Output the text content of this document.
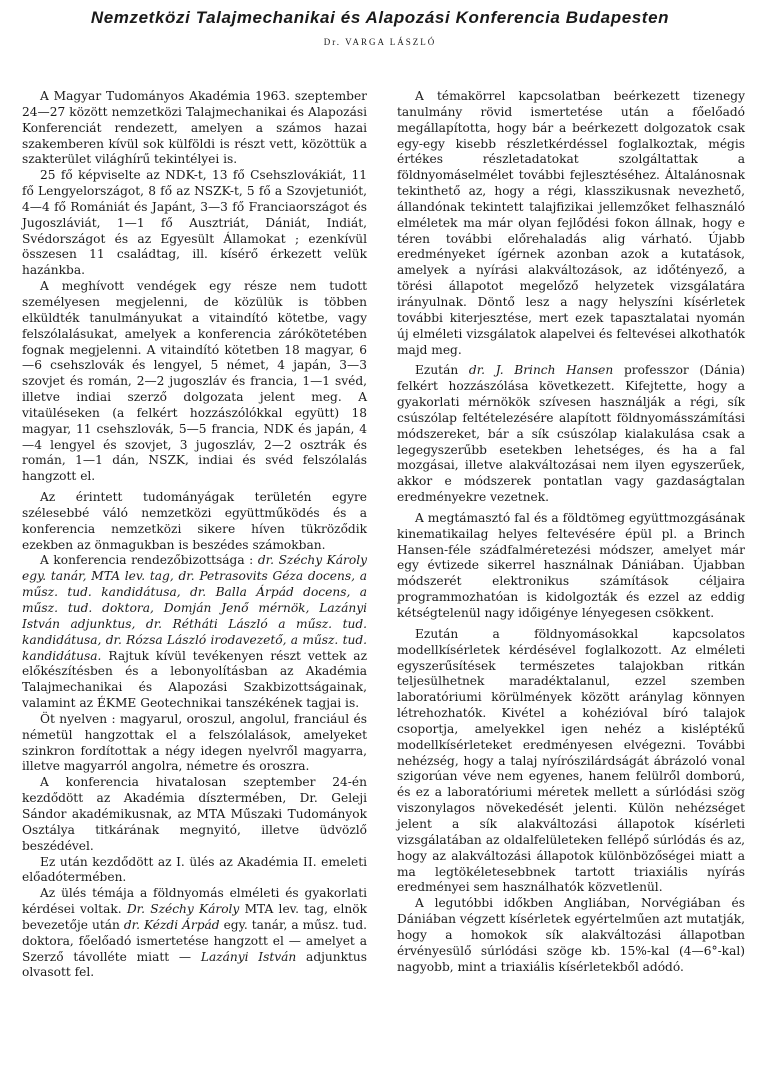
Nemzetközi Talajmechanikai és Alapozási Konferencia Budapesten
Dr. VARGA LÁSZLÓ

A Magyar Tudományos Akadémia 1963. szeptember 24—27 között nemzetközi Talajmechanikai és Alapozási Konferenciát rendezett, amelyen a számos hazai szakemberen kívül sok külföldi is részt vett, közöttük a szakterület világhírű tekintélyei is.

25 fő képviselte az NDK-t, 13 fő Csehszlovákiát, 11 fő Lengyelországot, 8 fő az NSZK-t, 5 fő a Szovjetuniót, 4—4 fő Romániát és Japánt, 3—3 fő Franciaországot és Jugoszláviát, 1—1 fő Ausztriát, Dániát, Indiát, Svédországot és az Egyesült Államokat ; ezenkívül összesen 11 családtag, ill. kísérő érkezett velük hazánkba.

A meghívott vendégek egy része nem tudott személyesen megjelenni, de közülük is többen elküldték tanulmányukat a vitaindító kötetbe, vagy felszólalásukat, amelyek a konferencia zárókötetében fognak megjelenni. A vitaindító kötetben 18 magyar, 6—6 csehszlovák és lengyel, 5 német, 4 japán, 3—3 szovjet és román, 2—2 jugoszláv és francia, 1—1 svéd, illetve indiai szerző dolgozata jelent meg. A vitaüléseken (a felkért hozzászólókkal együtt) 18 magyar, 11 csehszlovák, 5—5 francia, NDK és japán, 4—4 lengyel és szovjet, 3 jugoszláv, 2—2 osztrák és román, 1—1 dán, NSZK, indiai és svéd felszólalás hangzott el.

Az érintett tudományágak területén egyre szélesebbé váló nemzetközi együttműködés és a konferencia nemzetközi sikere híven tükröződik ezekben az önmagukban is beszédes számokban.

A konferencia rendezőbizottsága : dr. Széchy Károly egy. tanár, MTA lev. tag, dr. Petrasovits Géza docens, a műsz. tud. kandidátusa, dr. Balla Árpád docens, a műsz. tud. doktora, Domján Jenő mérnök, Lazányi István adjunktus, dr. Rétháti László a műsz. tud. kandidátusa, dr. Rózsa László irodavezető, a műsz. tud. kandidátusa. Rajtuk kívül tevékenyen részt vettek az előkészítésben és a lebonyolításban az Akadémia Talajmechanikai és Alapozási Szakbizottságainak, valamint az ÉKME Geotechnikai tanszékének tagjai is.

Öt nyelven : magyarul, oroszul, angolul, franciául és németül hangzottak el a felszólalások, amelyeket szinkron fordítottak a négy idegen nyelvről magyarra, illetve magyarról angolra, németre és oroszra.

A konferencia hivatalosan szeptember 24-én kezdődött az Akadémia dísztermében, Dr. Geleji Sándor akadémikusnak, az MTA Műszaki Tudományok Osztálya titkárának megnyitó, illetve üdvözlő beszédével.

Ez után kezdődött az I. ülés az Akadémia II. emeleti előadótermében.

Az ülés témája a földnyomás elméleti és gyakorlati kérdései voltak. Dr. Széchy Károly MTA lev. tag, elnök bevezetője után dr. Kézdi Árpád egy. tanár, a műsz. tud. doktora, főelőadó ismertetése hangzott el — amelyet a Szerző távolléte miatt — Lazányi István adjunktus olvasott fel.

A témakörrel kapcsolatban beérkezett tizenegy tanulmány rövid ismertetése után a főelőadó megállapította, hogy bár a beérkezett dolgozatok csak egy-egy kisebb részletkérdéssel foglalkoztak, mégis értékes részletadatokat szolgáltattak a földnyomáselmélet további fejlesztéséhez. Általánosnak tekinthető az, hogy a régi, klasszikusnak nevezhető, állandónak tekintett talajfizikai jellemzőket felhasználó elméletek ma már olyan fejlődési fokon állnak, hogy e téren további előrehaladás alig várható. Újabb eredményeket ígérnek azonban azok a kutatások, amelyek a nyírási alakváltozások, az időtényező, a törési állapotot megelőző helyzetek vizsgálatára irányulnak. Döntő lesz a nagy helyszíni kísérletek további kiterjesztése, mert ezek tapasztalatai nyomán új elméleti vizsgálatok alapelvei és feltevései alkothatók majd meg.

Ezután dr. J. Brinch Hansen professzor (Dánia) felkért hozzászólása következett. Kifejtette, hogy a gyakorlati mérnökök szívesen használják a régi, sík csúszólap feltételezésére alapított földnyomásszámítási módszereket, bár a sík csúszólap kialakulása csak a legegyszerűbb esetekben lehetséges, és ha a fal mozgásai, illetve alakváltozásai nem ilyen egyszerűek, akkor e módszerek pontatlan vagy gazdaságtalan eredményekre vezetnek.

A megtámasztó fal és a földtömeg együttmozgásának kinematikailag helyes feltevésére épül pl. a Brinch Hansen-féle szádfalméretezési módszer, amelyet már egy évtizede sikerrel használnak Dániában. Újabban módszerét elektronikus számítások céljaira programmozhatóan is kidolgozták és ezzel az eddig kétségtelenül nagy időigénye lényegesen csökkent.

Ezután a földnyomásokkal kapcsolatos modellkísérletek kérdésével foglalkozott. Az elméleti egyszerűsítések természetes talajokban ritkán teljesülhetnek maradéktalanul, ezzel szemben laboratóriumi körülmények között aránylag könnyen létrehozhatók. Kivétel a kohézióval bíró talajok csoportja, amelyekkel igen nehéz a kisléptékű modellkísérleteket eredményesen elvégezni. További nehézség, hogy a talaj nyírószilárdságát ábrázoló vonal szigorúan véve nem egyenes, hanem felülről domború, és ez a laboratóriumi méretek mellett a súrlódási szög viszonylagos növekedését jelenti. Külön nehézséget jelent a sík alakváltozási állapotok kísérleti vizsgálatában az oldalfelületeken fellépő súrlódás és az, hogy az alakváltozási állapotok különbözőségei miatt a ma legtökéletesebbnek tartott triaxiális nyírás eredményei sem használhatók közvetlenül.

A legutóbbi időkben Angliában, Norvégiában és Dániában végzett kísérletek egyértelműen azt mutatják, hogy a homokok sík alakváltozási állapotban érvényesülő súrlódási szöge kb. 15%-kal (4—6°-kal) nagyobb, mint a triaxiális kísérletekből adódó.
